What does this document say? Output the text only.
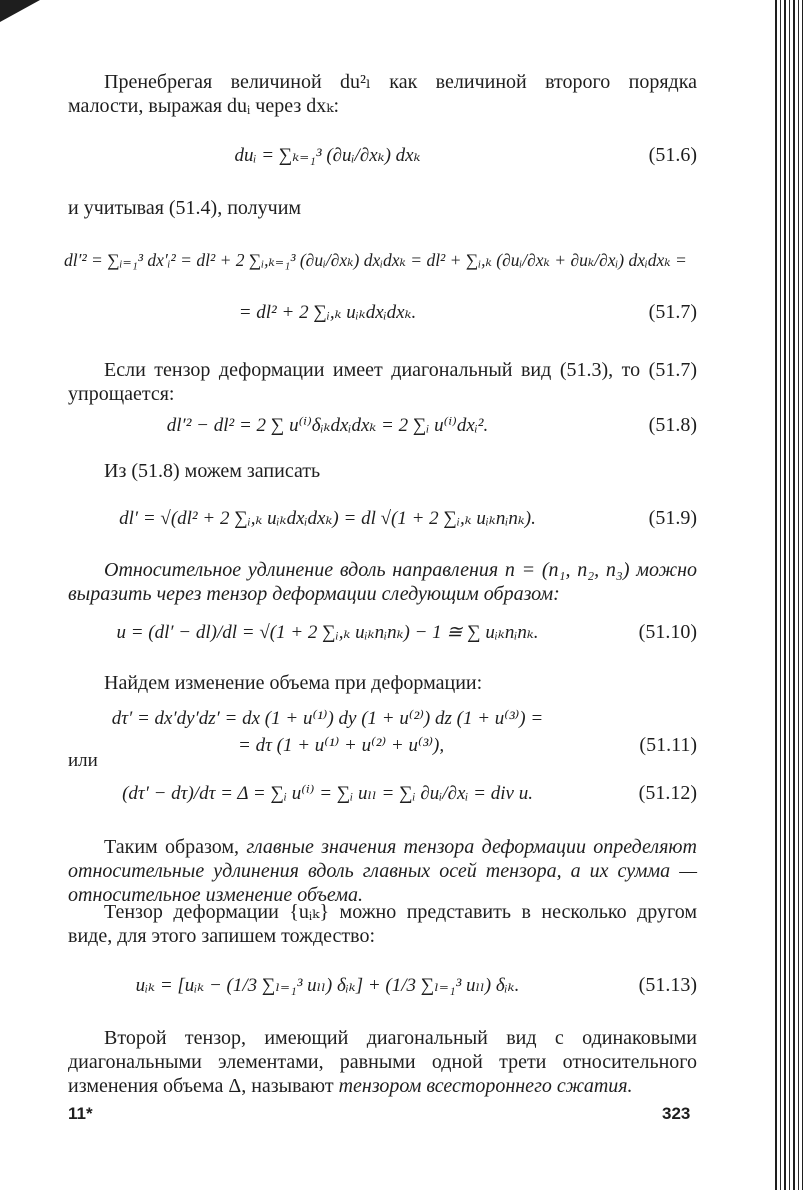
Пренебрегая величиной du²ₗ как величиной второго порядка малости, выражая duᵢ через dxₖ:

duᵢ = ∑ₖ₌₁³ (∂uᵢ/∂xₖ) dxₖ	(51.6)

и учитывая (51.4), получим

dl′² = ∑ᵢ₌₁³ dx′ᵢ² = dl² + 2 ∑ᵢ,ₖ₌₁³ (∂uᵢ/∂xₖ) dxᵢdxₖ = dl² + ∑ᵢ,ₖ (∂uᵢ/∂xₖ + ∂uₖ/∂xᵢ) dxᵢdxₖ =
= dl² + 2 ∑ᵢ,ₖ uᵢₖdxᵢdxₖ.	(51.7)

Если тензор деформации имеет диагональный вид (51.3), то (51.7) упрощается:

dl′² − dl² = 2 ∑ u⁽ⁱ⁾δᵢₖdxᵢdxₖ = 2 ∑ᵢ u⁽ⁱ⁾dxᵢ².	(51.8)

Из (51.8) можем записать

dl′ = √(dl² + 2 ∑ᵢ,ₖ uᵢₖdxᵢdxₖ) = dl √(1 + 2 ∑ᵢ,ₖ uᵢₖnᵢnₖ).	(51.9)

Относительное удлинение вдоль направления n = (n₁, n₂, n₃) можно выразить через тензор деформации следующим образом:

u = (dl′ − dl)/dl = √(1 + 2 ∑ᵢ,ₖ uᵢₖnᵢnₖ) − 1 ≅ ∑ uᵢₖnᵢnₖ.	(51.10)

Найдем изменение объема при деформации:

dτ′ = dx′dy′dz′ = dx (1 + u⁽¹⁾) dy (1 + u⁽²⁾) dz (1 + u⁽³⁾) =
= dτ (1 + u⁽¹⁾ + u⁽²⁾ + u⁽³⁾),	(51.11)
или
(dτ′ − dτ)/dτ = Δ = ∑ᵢ u⁽ⁱ⁾ = ∑ᵢ uₗₗ = ∑ᵢ ∂uᵢ/∂xᵢ = div u.	(51.12)

Таким образом, главные значения тензора деформации определяют относительные удлинения вдоль главных осей тензора, а их сумма — относительное изменение объема.

Тензор деформации {uᵢₖ} можно представить в несколько другом виде, для этого запишем тождество:

uᵢₖ = [uᵢₖ − (1/3 ∑ₗ₌₁³ uₗₗ) δᵢₖ] + (1/3 ∑ₗ₌₁³ uₗₗ) δᵢₖ.	(51.13)

Второй тензор, имеющий диагональный вид с одинаковыми диагональными элементами, равными одной трети относительного изменения объема Δ, называют тензором всестороннего сжатия.

11*	323
